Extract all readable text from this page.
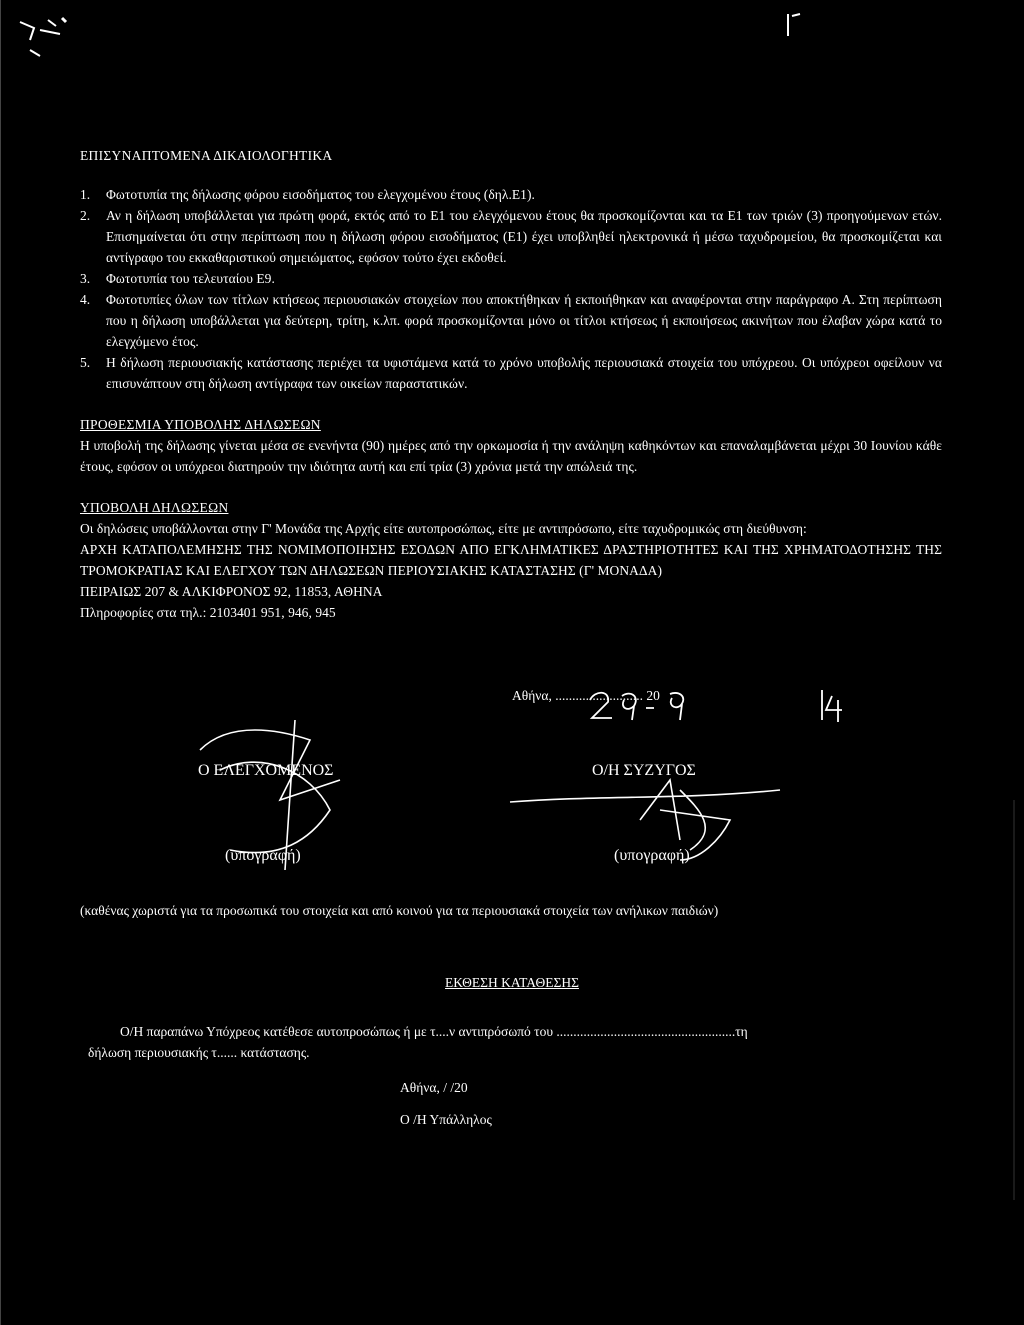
ΕΠΙΣΥΝΑΠΤΟΜΕΝΑ ΔΙΚΑΙΟΛΟΓΗΤΙΚΑ
1. Φωτοτυπία της δήλωσης φόρου εισοδήματος του ελεγχομένου έτους (δηλ.Ε1).
2. Αν η δήλωση υποβάλλεται για πρώτη φορά, εκτός από το Ε1 του ελεγχόμενου έτους θα προσκομίζονται και τα Ε1 των τριών (3) προηγούμενων ετών. Επισημαίνεται ότι στην περίπτωση που η δήλωση φόρου εισοδήματος (Ε1) έχει υποβληθεί ηλεκτρονικά ή μέσω ταχυδρομείου, θα προσκομίζεται και αντίγραφο του εκκαθαριστικού σημειώματος, εφόσον τούτο έχει εκδοθεί.
3. Φωτοτυπία του τελευταίου Ε9.
4. Φωτοτυπίες όλων των τίτλων κτήσεως περιουσιακών στοιχείων που αποκτήθηκαν ή εκποιήθηκαν και αναφέρονται στην παράγραφο Α. Στη περίπτωση που η δήλωση υποβάλλεται για δεύτερη, τρίτη, κ.λπ. φορά προσκομίζονται μόνο οι τίτλοι κτήσεως ή εκποιήσεως ακινήτων που έλαβαν χώρα κατά το ελεγχόμενο έτος.
5. Η δήλωση περιουσιακής κατάστασης περιέχει τα υφιστάμενα κατά το χρόνο υποβολής περιουσιακά στοιχεία του υπόχρεου. Οι υπόχρεοι οφείλουν να επισυνάπτουν στη δήλωση αντίγραφα των οικείων παραστατικών.
ΠΡΟΘΕΣΜΙΑ ΥΠΟΒΟΛΗΣ ΔΗΛΩΣΕΩΝ
Η υποβολή της δήλωσης γίνεται μέσα σε ενενήντα (90) ημέρες από την ορκωμοσία ή την ανάληψη καθηκόντων και επαναλαμβάνεται μέχρι 30 Ιουνίου κάθε έτους, εφόσον οι υπόχρεοι διατηρούν την ιδιότητα αυτή και επί τρία (3) χρόνια μετά την απώλειά της.
ΥΠΟΒΟΛΗ ΔΗΛΩΣΕΩΝ
Οι δηλώσεις υποβάλλονται στην Γ' Μονάδα της Αρχής είτε αυτοπροσώπως, είτε με αντιπρόσωπο, είτε ταχυδρομικώς στη διεύθυνση:
ΑΡΧΗ ΚΑΤΑΠΟΛΕΜΗΣΗΣ ΤΗΣ ΝΟΜΙΜΟΠΟΙΗΣΗΣ ΕΣΟΔΩΝ ΑΠΟ ΕΓΚΛΗΜΑΤΙΚΕΣ ΔΡΑΣΤΗΡΙΟΤΗΤΕΣ ΚΑΙ ΤΗΣ ΧΡΗΜΑΤΟΔΟΤΗΣΗΣ ΤΗΣ ΤΡΟΜΟΚΡΑΤΙΑΣ ΚΑΙ ΕΛΕΓΧΟΥ ΤΩΝ ΔΗΛΩΣΕΩΝ ΠΕΡΙΟΥΣΙΑΚΗΣ ΚΑΤΑΣΤΑΣΗΣ (Γ' ΜΟΝΑΔΑ)
ΠΕΙΡΑΙΩΣ 207 & ΑΛΚΙΦΡΟΝΟΣ 92, 11853, ΑΘΗΝΑ
Πληροφορίες στα τηλ.: 2103401 951, 946, 945
Αθήνα, .......................... 20
Ο ΕΛΕΓΧΟΜΕΝΟΣ	Ο/Η ΣΥΖΥΓΟΣ
(υπογραφή)	(υπογραφή)
(καθένας χωριστά για τα προσωπικά του στοιχεία και από κοινού για τα περιουσιακά στοιχεία των ανήλικων παιδιών)
ΕΚΘΕΣΗ ΚΑΤΑΘΕΣΗΣ
Ο/Η παραπάνω Υπόχρεος κατέθεσε αυτοπροσώπως ή με τ....ν αντιπρόσωπό του .....................................................τη
δήλωση περιουσιακής τ...... κατάστασης.
Αθήνα, / /20
Ο /Η Υπάλληλος
